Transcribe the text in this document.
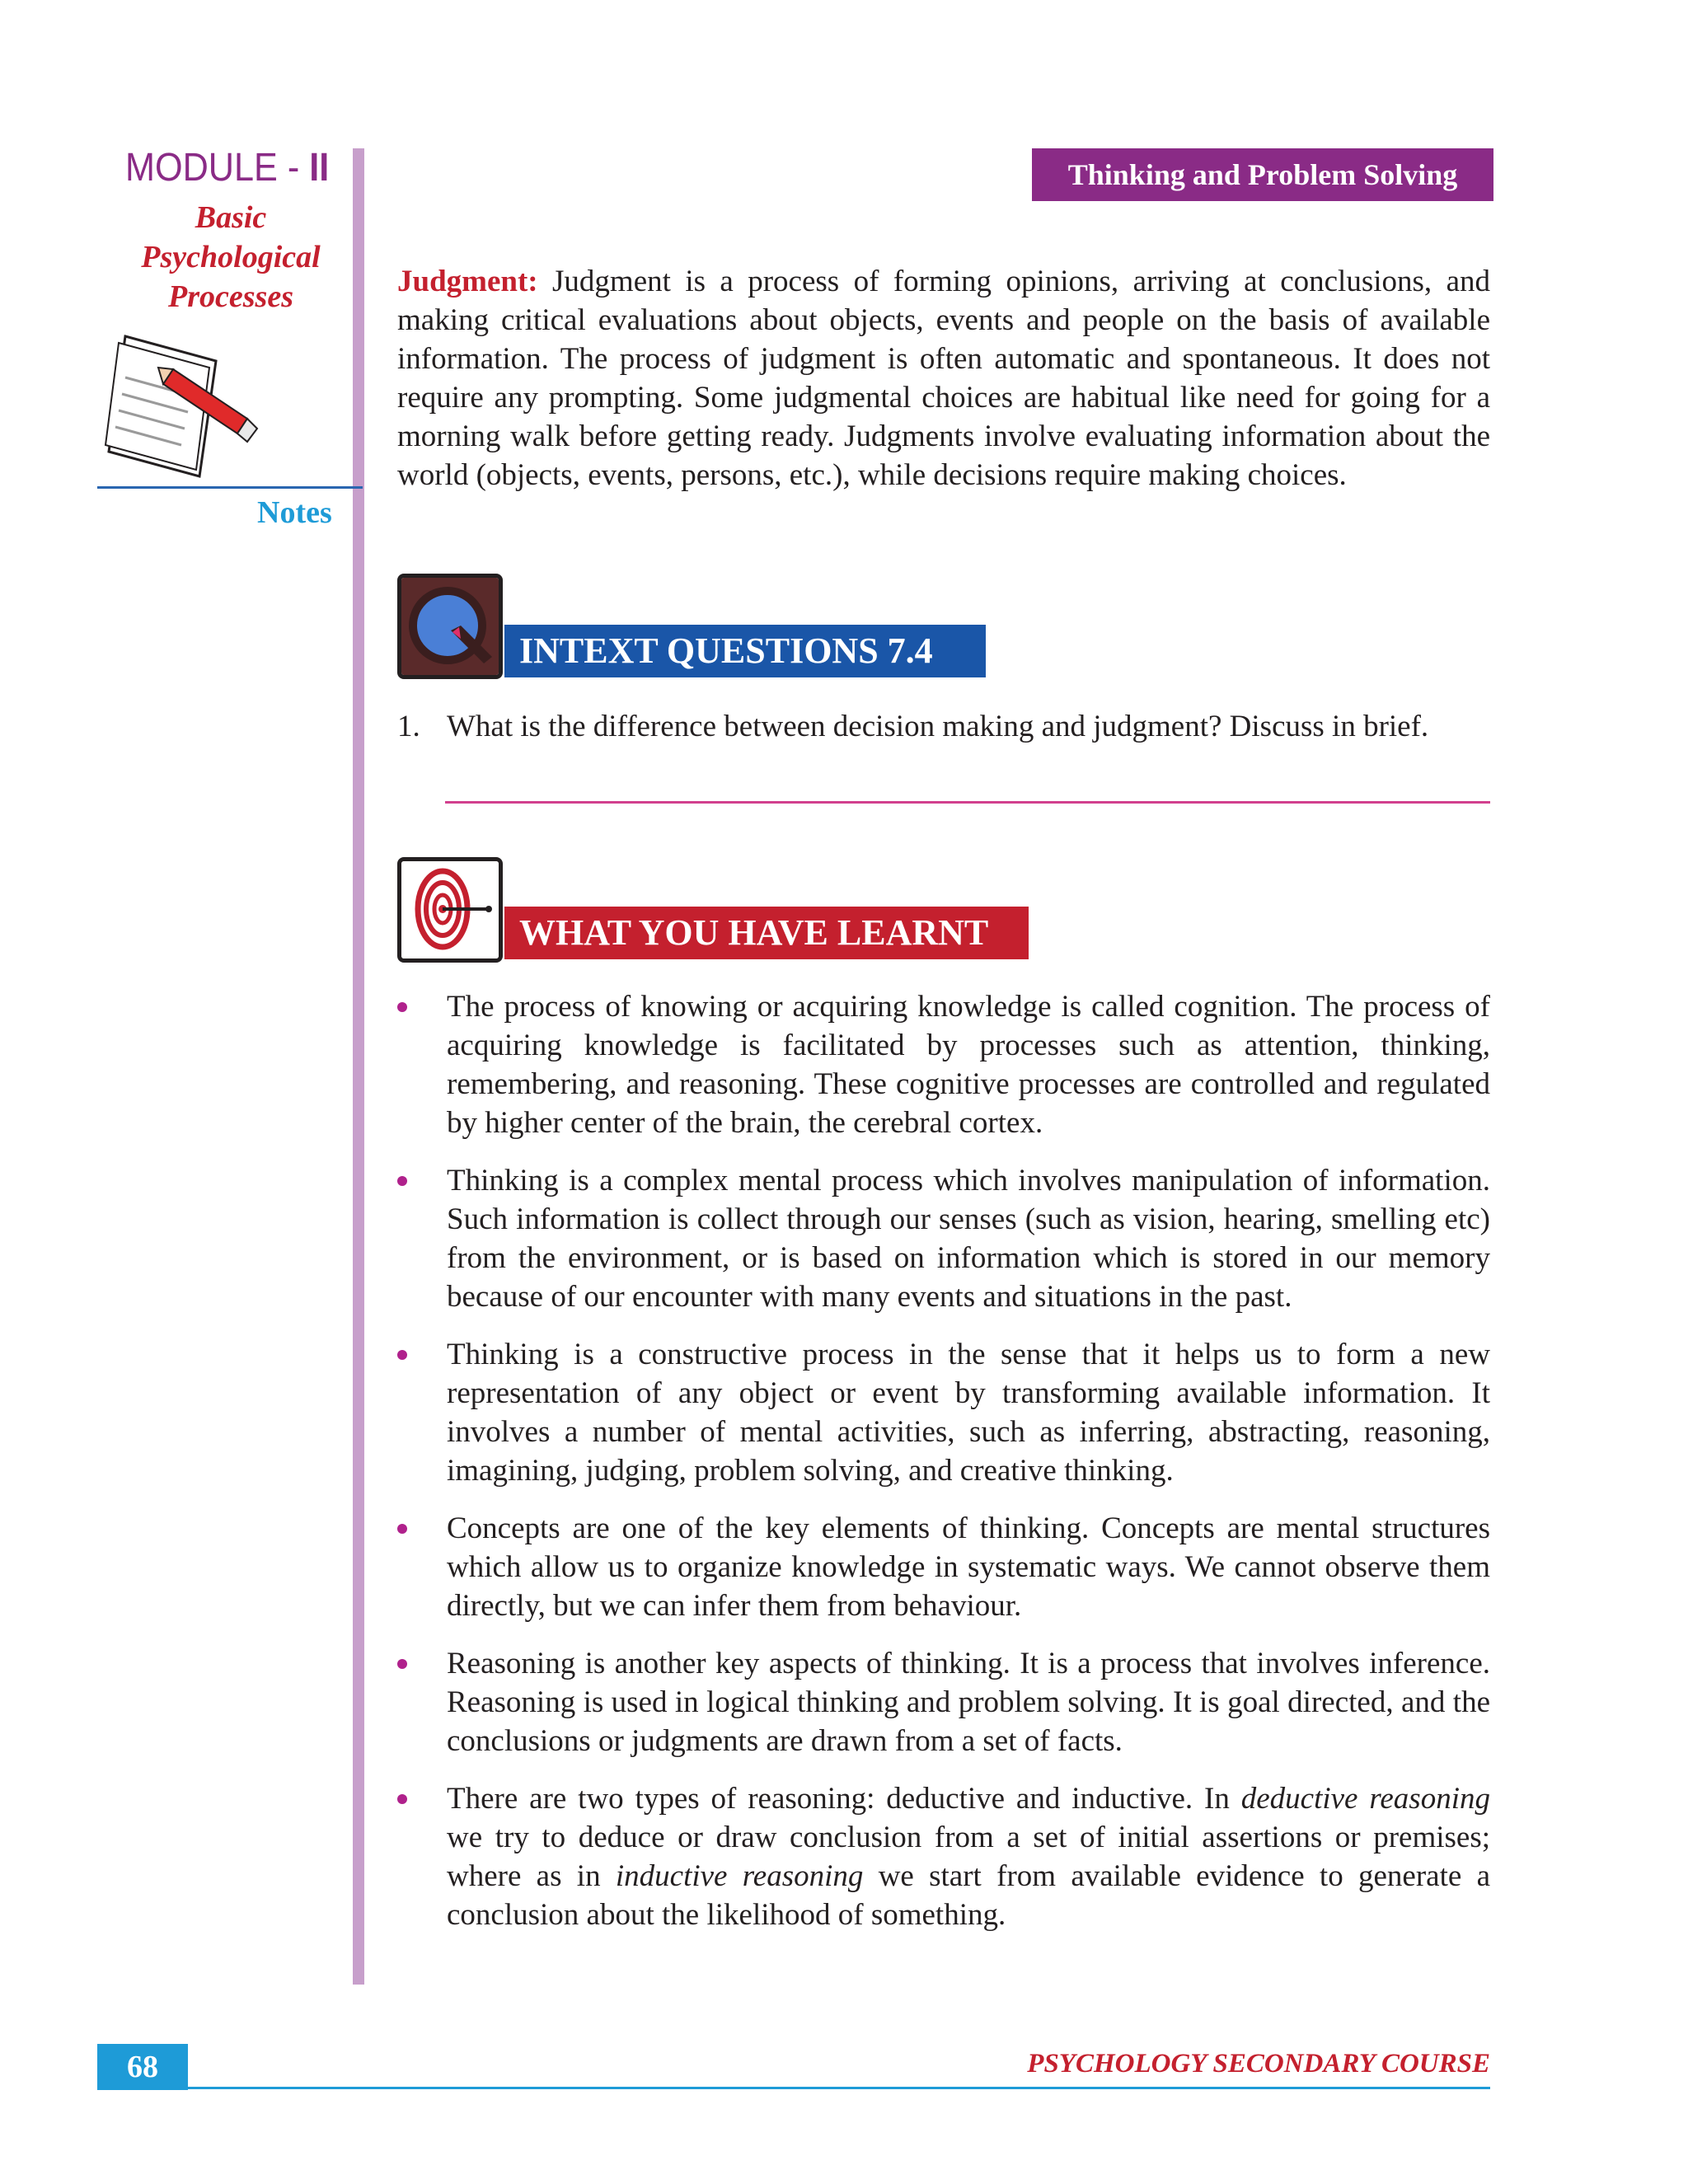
MODULE - II
Basic
Psychological
Processes
Notes
Thinking and Problem Solving
Judgment: Judgment is a process of forming opinions, arriving at conclusions, and making critical evaluations about objects, events and people on the basis of available information. The process of judgment is often automatic and spontaneous. It does not require any prompting. Some judgmental choices are habitual like need for going for a morning walk before getting ready. Judgments involve evaluating information about the world (objects, events, persons, etc.), while decisions require making choices.
INTEXT QUESTIONS 7.4
1. What is the difference between decision making and judgment? Discuss in brief.
WHAT YOU HAVE LEARNT
The process of knowing or acquiring knowledge is called cognition. The process of acquiring knowledge is facilitated by processes such as attention, thinking, remembering, and reasoning. These cognitive processes are controlled and regulated by higher center of the brain, the cerebral cortex.
Thinking is a complex mental process which involves manipulation of information. Such information is collect through our senses (such as vision, hearing, smelling etc) from the environment, or is based on information which is stored in our memory because of our encounter with many events and situations in the past.
Thinking is a constructive process in the sense that it helps us to form a new representation of any object or event by transforming available information. It involves a number of mental activities, such as inferring, abstracting, reasoning, imagining, judging, problem solving, and creative thinking.
Concepts are one of the key elements of thinking. Concepts are mental structures which allow us to organize knowledge in systematic ways. We cannot observe them directly, but we can infer them from behaviour.
Reasoning is another key aspects of thinking. It is a process that involves inference. Reasoning is used in logical thinking and problem solving. It is goal directed, and the conclusions or judgments are drawn from a set of facts.
There are two types of reasoning: deductive and inductive. In deductive reasoning we try to deduce or draw conclusion from a set of initial assertions or premises; where as in inductive reasoning we start from available evidence to generate a conclusion about the likelihood of something.
68	PSYCHOLOGY SECONDARY COURSE
